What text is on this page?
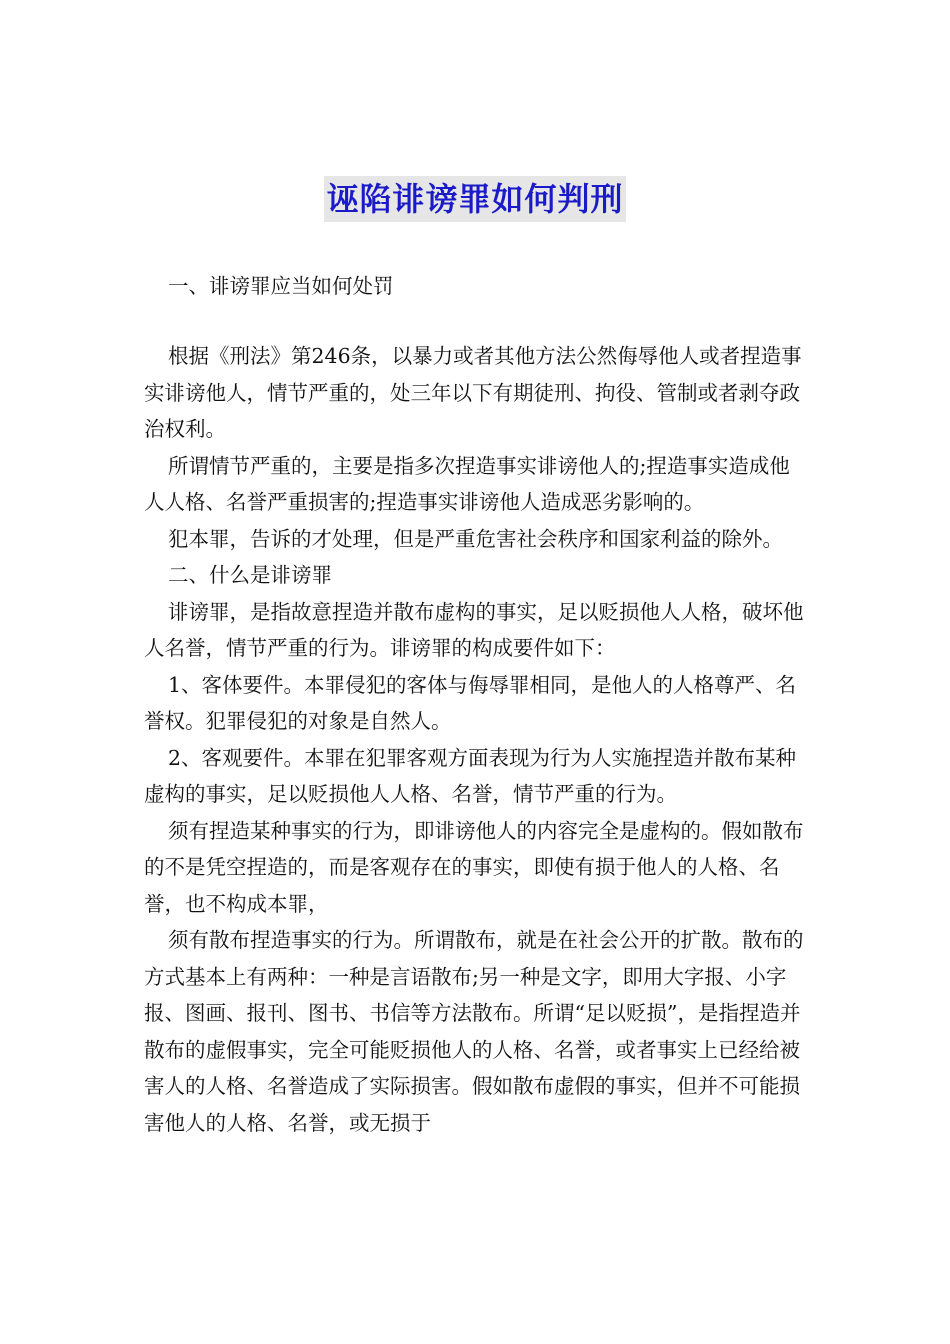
诬陷诽谤罪如何判刑

一、诽谤罪应当如何处罚

根据《刑法》第246条，以暴力或者其他方法公然侮辱他人或者捏造事实诽谤他人，情节严重的，处三年以下有期徒刑、拘役、管制或者剥夺政治权利。

所谓情节严重的，主要是指多次捏造事实诽谤他人的;捏造事实造成他人人格、名誉严重损害的;捏造事实诽谤他人造成恶劣影响的。

犯本罪，告诉的才处理，但是严重危害社会秩序和国家利益的除外。

二、什么是诽谤罪

诽谤罪，是指故意捏造并散布虚构的事实，足以贬损他人人格，破坏他人名誉，情节严重的行为。诽谤罪的构成要件如下：

1、客体要件。本罪侵犯的客体与侮辱罪相同，是他人的人格尊严、名誉权。犯罪侵犯的对象是自然人。

2、客观要件。本罪在犯罪客观方面表现为行为人实施捏造并散布某种虚构的事实，足以贬损他人人格、名誉，情节严重的行为。

须有捏造某种事实的行为，即诽谤他人的内容完全是虚构的。假如散布的不是凭空捏造的，而是客观存在的事实，即使有损于他人的人格、名誉，也不构成本罪，

须有散布捏造事实的行为。所谓散布，就是在社会公开的扩散。散布的方式基本上有两种：一种是言语散布;另一种是文字，即用大字报、小字报、图画、报刊、图书、书信等方法散布。所谓“足以贬损”，是指捏造并散布的虚假事实，完全可能贬损他人的人格、名誉，或者事实上已经给被害人的人格、名誉造成了实际损害。假如散布虚假的事实，但并不可能损害他人的人格、名誉，或无损于
